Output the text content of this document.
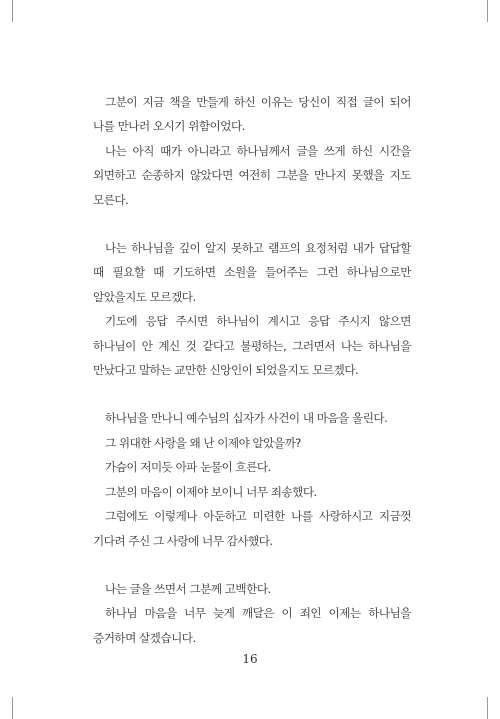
그분이 지금 책을 만들게 하신 이유는 당신이 직접 글이 되어 나를 만나러 오시기 위함이었다.

나는 아직 때가 아니라고 하나님께서 글을 쓰게 하신 시간을 외면하고 순종하지 않았다면 여전히 그분을 만나지 못했을 지도 모른다.

나는 하나님을 깊이 알지 못하고 램프의 요정처럼 내가 답답할 때 필요할 때 기도하면 소원을 들어주는 그런 하나님으로만 알았을지도 모르겠다.

기도에 응답 주시면 하나님이 계시고 응답 주시지 않으면 하나님이 안 계신 것 같다고 불평하는, 그러면서 나는 하나님을 만났다고 말하는 교만한 신앙인이 되었을지도 모르겠다.

하나님을 만나니 예수님의 십자가 사건이 내 마음을 울린다.

그 위대한 사랑을 왜 난 이제야 알았을까?

가슴이 저미듯 아파 눈물이 흐른다.

그분의 마음이 이제야 보이니 너무 죄송했다.

그럼에도 이렇게나 아둔하고 미련한 나를 사랑하시고 지금껏 기다려 주신 그 사랑에 너무 감사했다.

나는 글을 쓰면서 그분께 고백한다.

하나님 마음을 너무 늦게 깨달은 이 죄인 이제는 하나님을 증거하며 살겠습니다.

16
